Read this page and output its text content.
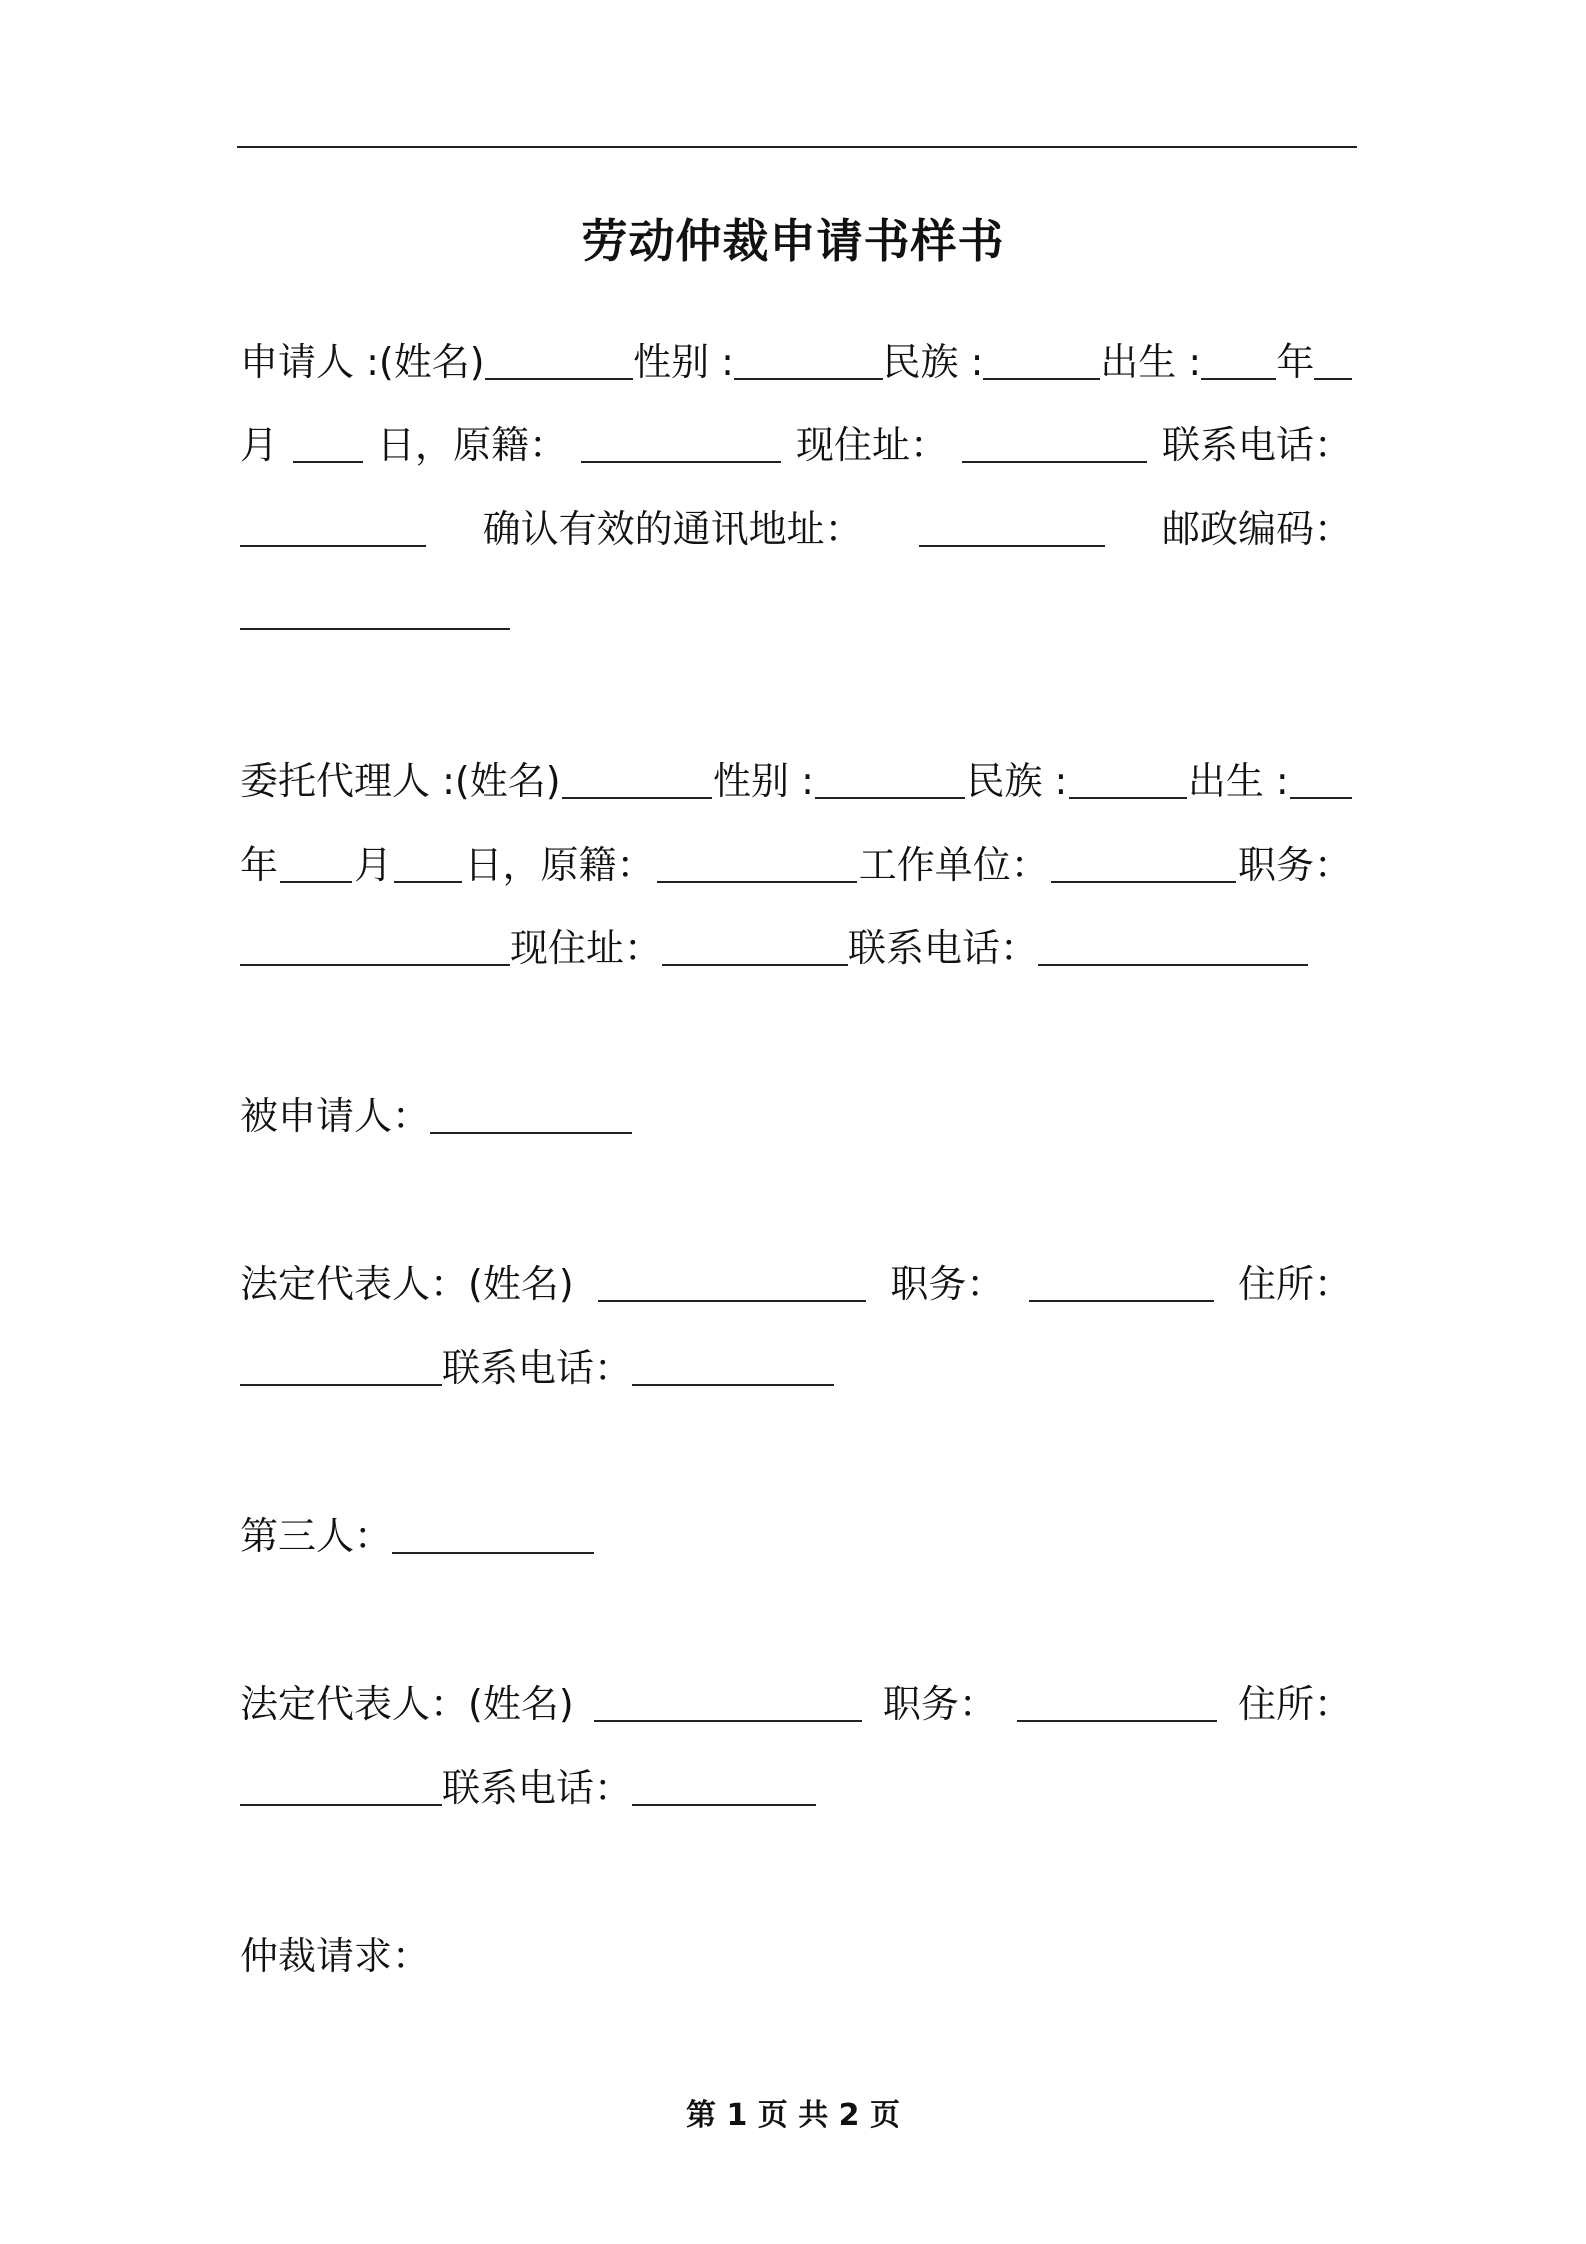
劳动仲裁申请书样书
申请人 :(姓名)	性别 :	民族 :	出生 : 年
月	日，原籍：	现住址：	联系电话：
确认有效的通讯地址：	邮政编码：
委托代理人 :(姓名)	性别 :	民族 :	出生 :
年 月 日，原籍：	工作单位：	职务：
现住址：	联系电话：
被申请人：
法定代表人：(姓名)	职务：	住所：
联系电话：
第三人：
法定代表人：(姓名)	职务：	住所：
联系电话：
仲裁请求：
第 1 页 共 2 页
